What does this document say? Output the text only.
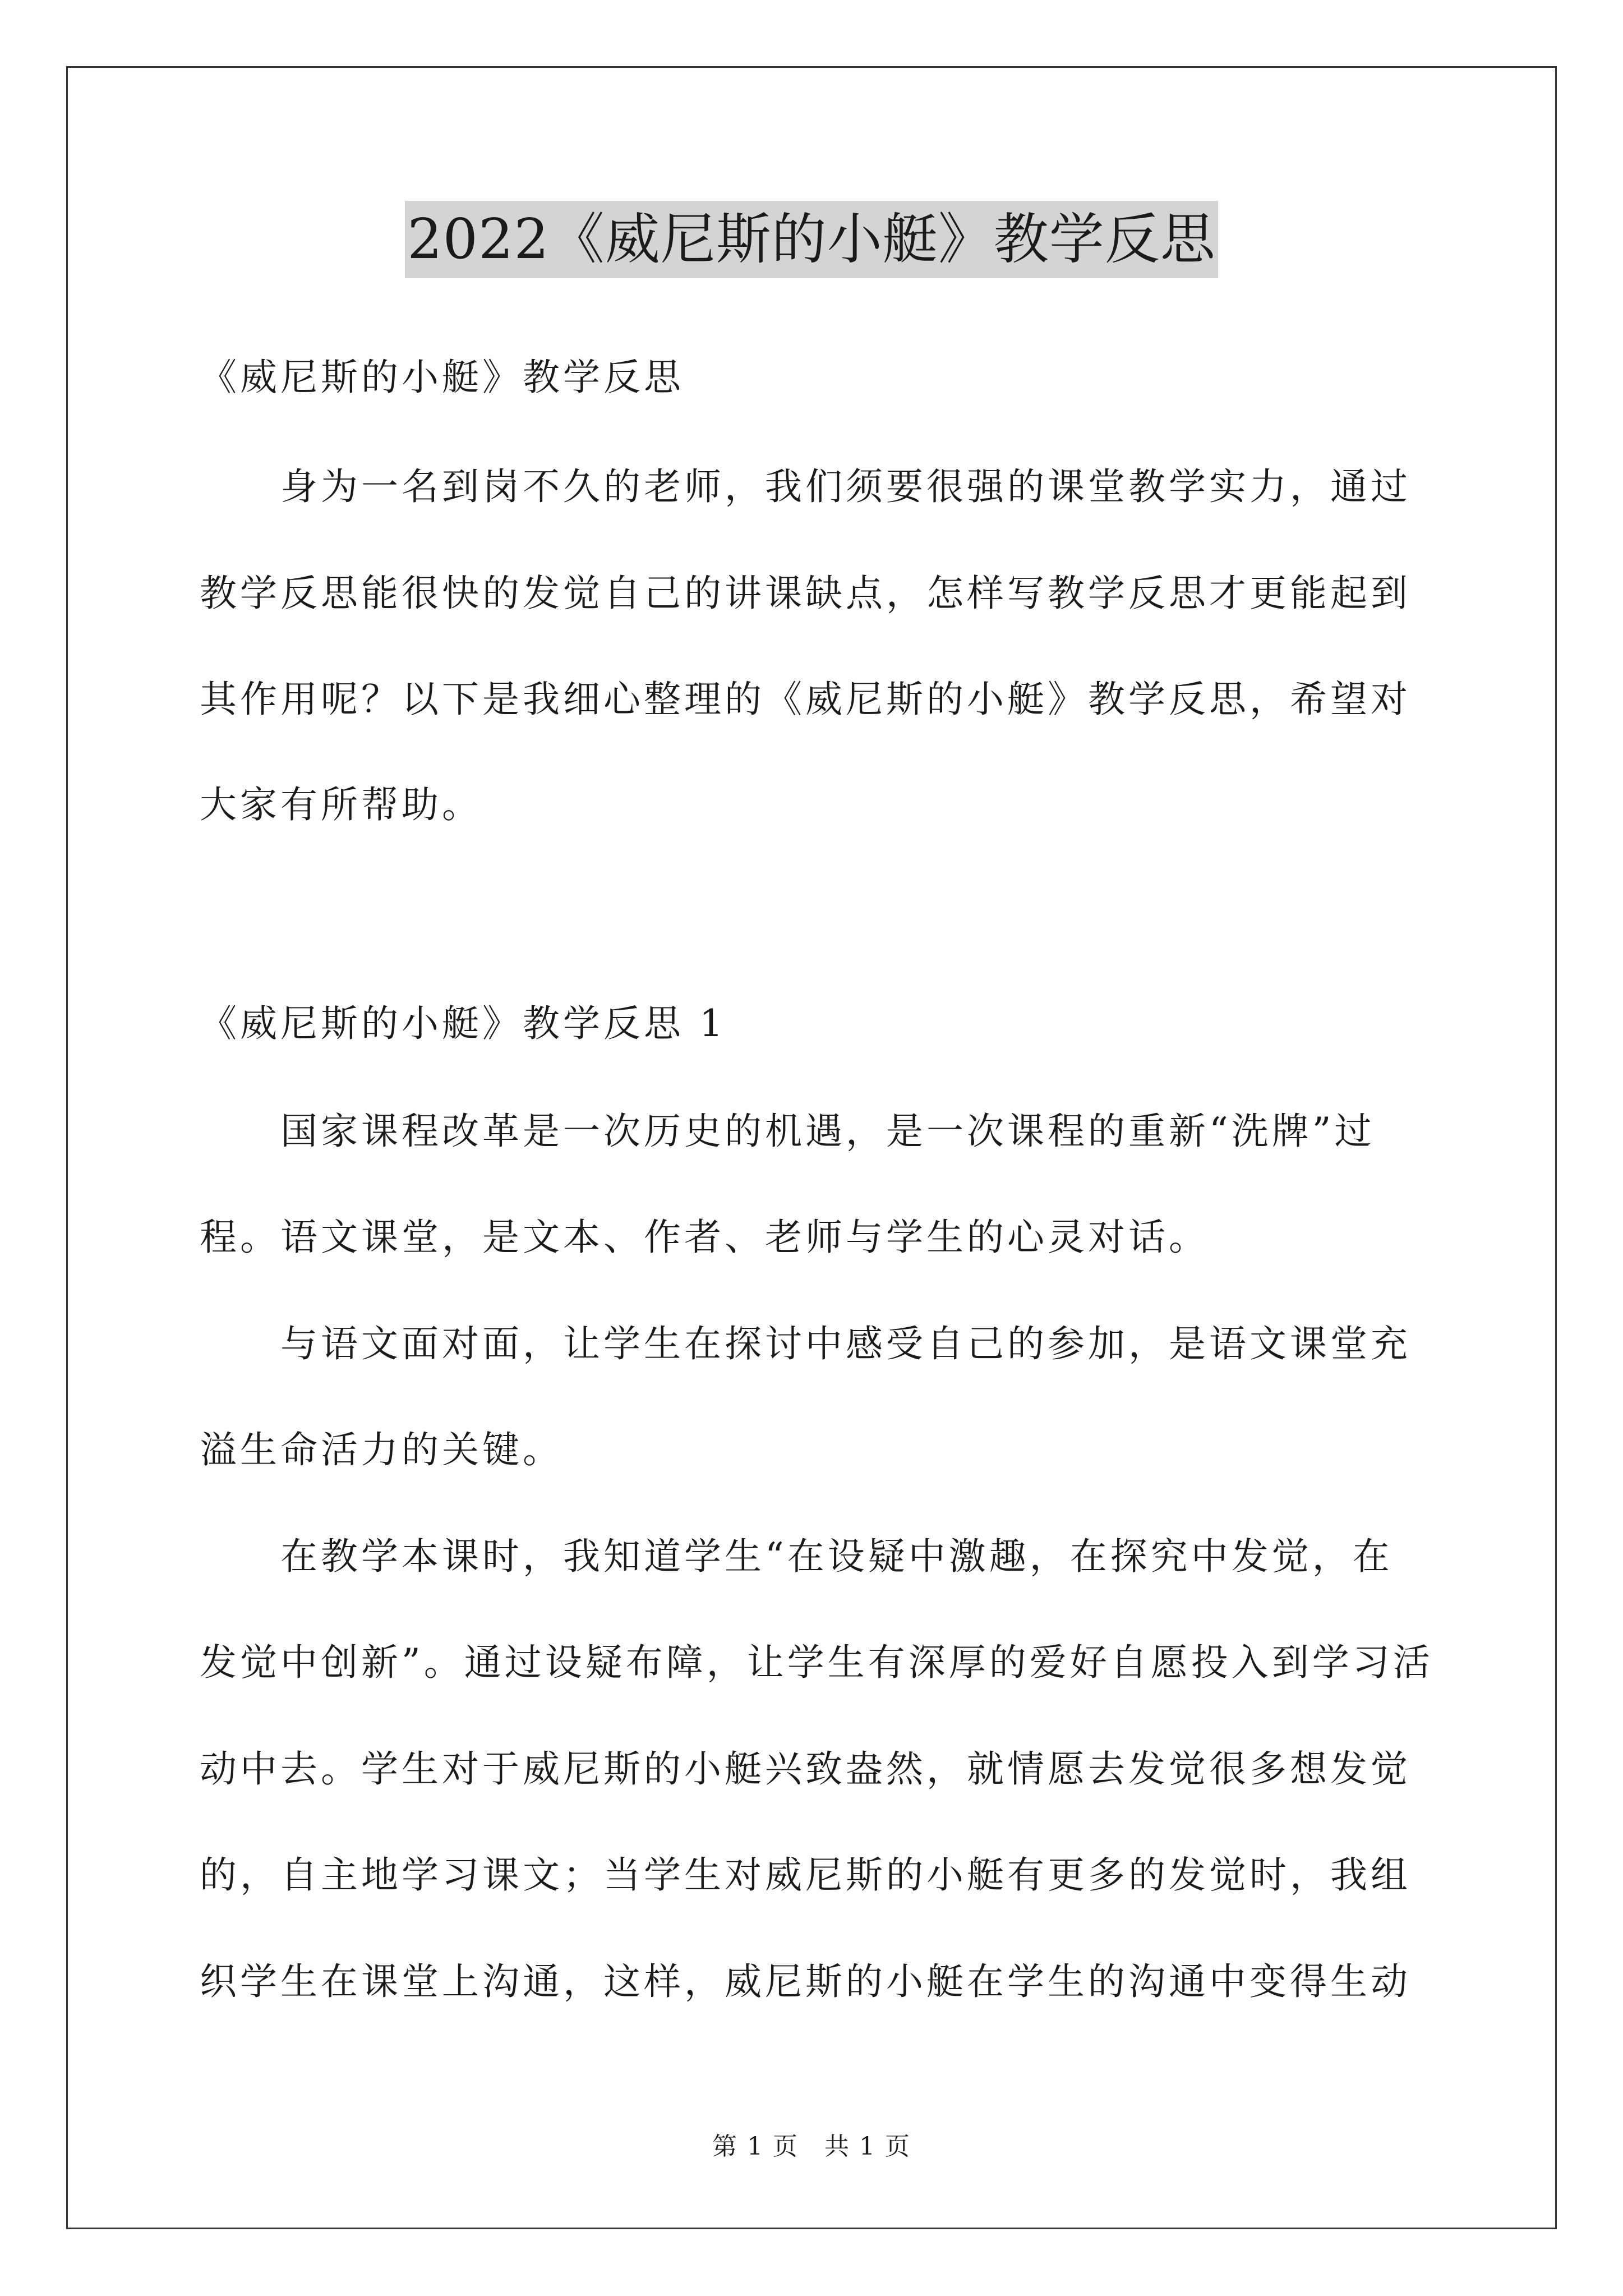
2022《威尼斯的小艇》教学反思
《威尼斯的小艇》教学反思
身为一名到岗不久的老师，我们须要很强的课堂教学实力，通过
教学反思能很快的发觉自己的讲课缺点，怎样写教学反思才更能起到
其作用呢？以下是我细心整理的《威尼斯的小艇》教学反思，希望对
大家有所帮助。
《威尼斯的小艇》教学反思 1
国家课程改革是一次历史的机遇，是一次课程的重新“洗牌”过
程。语文课堂，是文本、作者、老师与学生的心灵对话。
与语文面对面，让学生在探讨中感受自己的参加，是语文课堂充
溢生命活力的关键。
在教学本课时，我知道学生“在设疑中激趣，在探究中发觉，在
发觉中创新”。通过设疑布障，让学生有深厚的爱好自愿投入到学习活
动中去。学生对于威尼斯的小艇兴致盎然，就情愿去发觉很多想发觉
的，自主地学习课文；当学生对威尼斯的小艇有更多的发觉时，我组
织学生在课堂上沟通，这样，威尼斯的小艇在学生的沟通中变得生动
第 1 页　共 1 页
